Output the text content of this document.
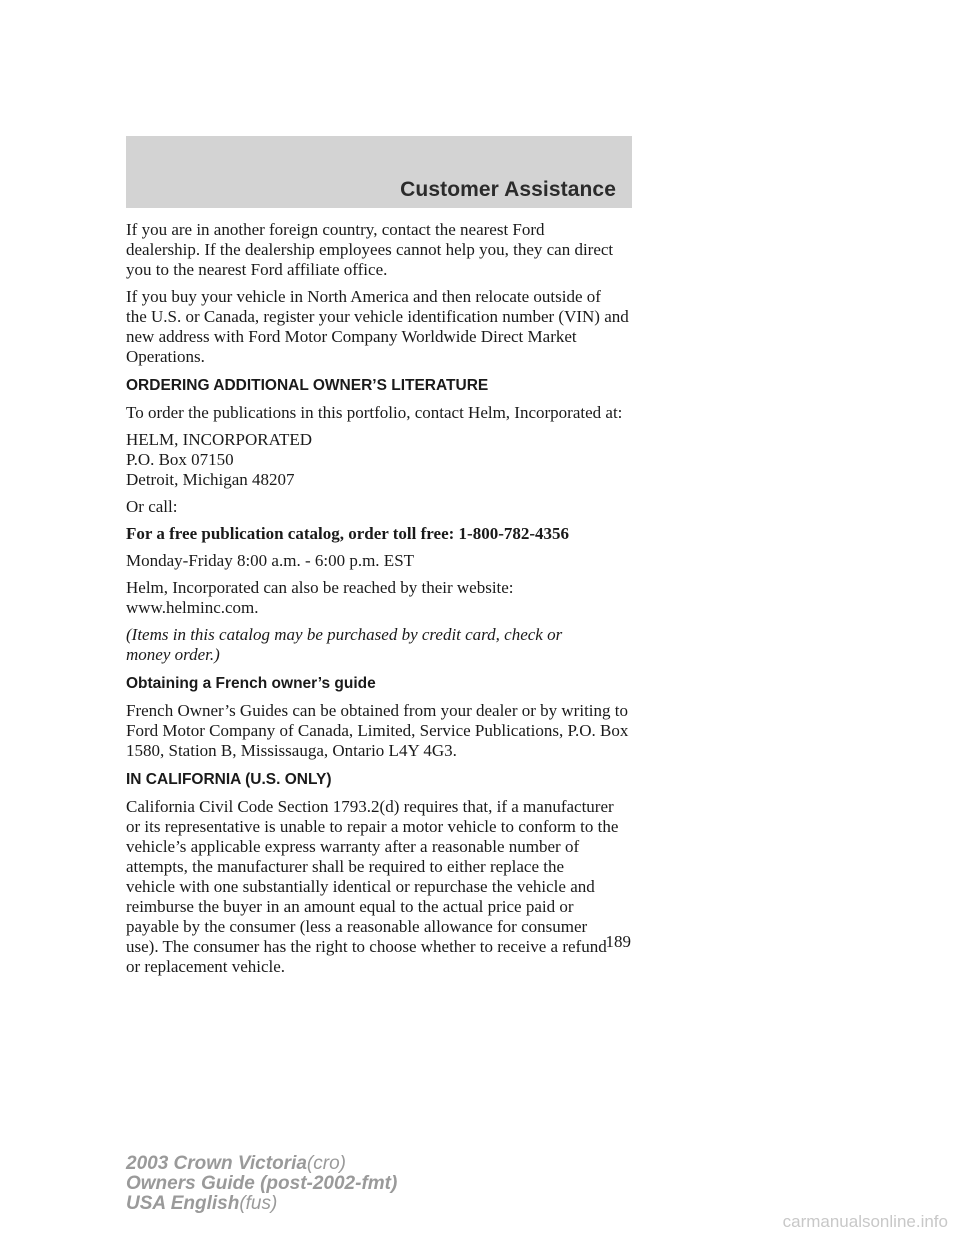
Customer Assistance

If you are in another foreign country, contact the nearest Ford
dealership. If the dealership employees cannot help you, they can direct
you to the nearest Ford affiliate office.

If you buy your vehicle in North America and then relocate outside of
the U.S. or Canada, register your vehicle identification number (VIN) and
new address with Ford Motor Company Worldwide Direct Market
Operations.

ORDERING ADDITIONAL OWNER’S LITERATURE

To order the publications in this portfolio, contact Helm, Incorporated at:

HELM, INCORPORATED
P.O. Box 07150
Detroit, Michigan 48207

Or call:

For a free publication catalog, order toll free: 1-800-782-4356

Monday-Friday 8:00 a.m. - 6:00 p.m. EST

Helm, Incorporated can also be reached by their website:
www.helminc.com.

(Items in this catalog may be purchased by credit card, check or
money order.)

Obtaining a French owner’s guide

French Owner’s Guides can be obtained from your dealer or by writing to
Ford Motor Company of Canada, Limited, Service Publications, P.O. Box
1580, Station B, Mississauga, Ontario L4Y 4G3.

IN CALIFORNIA (U.S. ONLY)

California Civil Code Section 1793.2(d) requires that, if a manufacturer
or its representative is unable to repair a motor vehicle to conform to the
vehicle’s applicable express warranty after a reasonable number of
attempts, the manufacturer shall be required to either replace the
vehicle with one substantially identical or repurchase the vehicle and
reimburse the buyer in an amount equal to the actual price paid or
payable by the consumer (less a reasonable allowance for consumer
use). The consumer has the right to choose whether to receive a refund
or replacement vehicle.

189
2003 Crown Victoria(cro)
Owners Guide (post-2002-fmt)
USA English(fus)
carmanualsonline.info
